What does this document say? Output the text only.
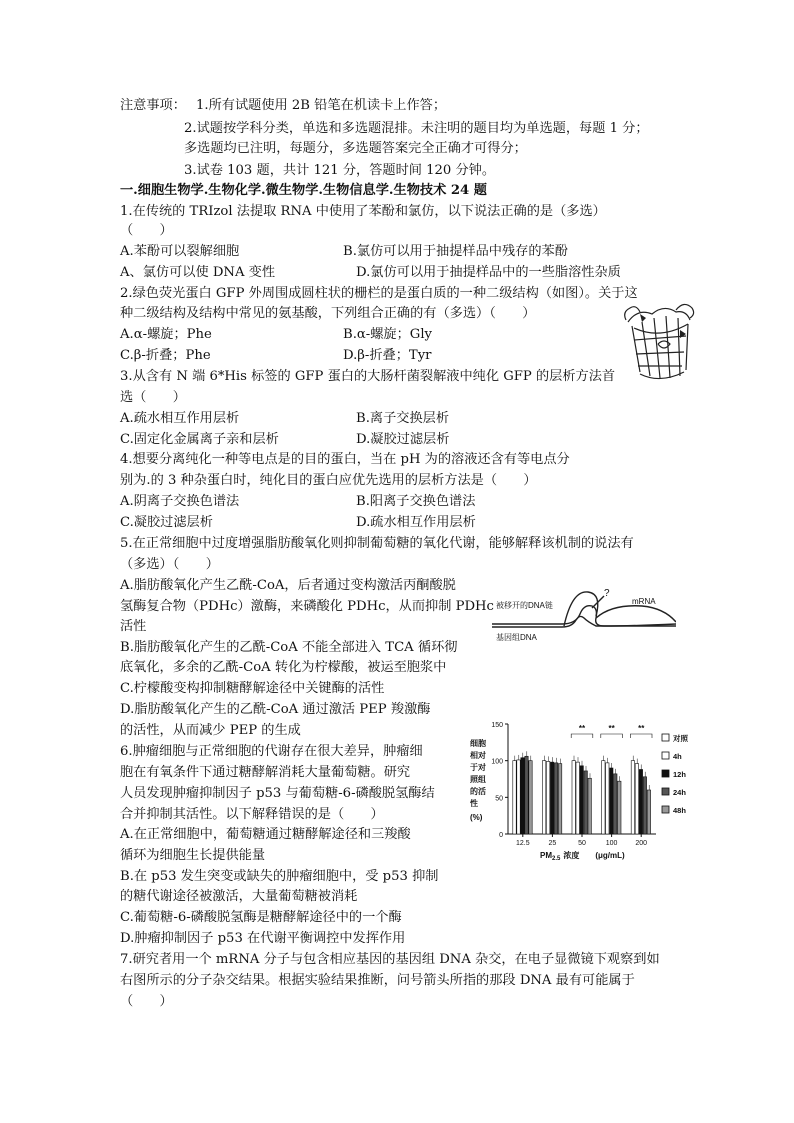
注意事项： 1.所有试题使用 2B 铅笔在机读卡上作答；
2.试题按学科分类，单选和多选题混排。未注明的题目均为单选题，每题 1 分；
多选题均已注明，每题分，多选题答案完全正确才可得分；
3.试卷 103 题，共计 121 分，答题时间 120 分钟。
一.细胞生物学.生物化学.微生物学.生物信息学.生物技术 24 题
1.在传统的 TRIzol 法提取 RNA 中使用了苯酚和氯仿，以下说法正确的是（多选）
（　　）
A.苯酚可以裂解细胞	B.氯仿可以用于抽提样品中残存的苯酚
A、氯仿可以使 DNA 变性	D.氯仿可以用于抽提样品中的一些脂溶性杂质
2.绿色荧光蛋白 GFP 外周围成圆柱状的栅栏的是蛋白质的一种二级结构（如图）。关于这
种二级结构及结构中常见的氨基酸，下列组合正确的有（多选）（　　）
A.α-螺旋；Phe	B.α-螺旋；Gly
C.β-折叠；Phe	D.β-折叠；Tyr
3.从含有 N 端 6*His 标签的 GFP 蛋白的大肠杆菌裂解液中纯化 GFP 的层析方法首
选（　　）
A.疏水相互作用层析	B.离子交换层析
C.固定化金属离子亲和层析	D.凝胶过滤层析
4.想要分离纯化一种等电点是的目的蛋白，当在 pH 为的溶液还含有等电点分
别为.的 3 种杂蛋白时，纯化目的蛋白应优先选用的层析方法是（　　）
A.阴离子交换色谱法	B.阳离子交换色谱法
C.凝胶过滤层析	D.疏水相互作用层析
5.在正常细胞中过度增强脂肪酸氧化则抑制葡萄糖的氧化代谢，能够解释该机制的说法有
（多选）（　　）
A.脂肪酸氧化产生乙酰-CoA，后者通过变构激活丙酮酸脱
氢酶复合物（PDHc）激酶，来磷酸化 PDHc，从而抑制 PDHc
活性
B.脂肪酸氧化产生的乙酰-CoA 不能全部进入 TCA 循环彻
底氧化，多余的乙酰-CoA 转化为柠檬酸，被运至胞浆中
C.柠檬酸变构抑制糖酵解途径中关键酶的活性
D.脂肪酸氧化产生的乙酰-CoA 通过激活 PEP 羧激酶
的活性，从而减少 PEP 的生成
被移开的DNA链
?
mRNA
基因组DNA
6.肿瘤细胞与正常细胞的代谢存在很大差异，肿瘤细
胞在有氧条件下通过糖酵解消耗大量葡萄糖。研究
人员发现肿瘤抑制因子 p53 与葡萄糖-6-磷酸脱氢酶结
合并抑制其活性。以下解释错误的是（　　）
A.在正常细胞中，葡萄糖通过糖酵解途径和三羧酸
循环为细胞生长提供能量
B.在 p53 发生突变或缺失的肿瘤细胞中，受 p53 抑制
的糖代谢途径被激活，大量葡萄糖被消耗
C.葡萄糖-6-磷酸脱氢酶是糖酵解途径中的一个酶
D.肿瘤抑制因子 p53 在代谢平衡调控中发挥作用
细胞
相对
于对
照组
的活
性
(%)
0
50
100
150
12.5	25	50	100	200
**	**	**
对照
4h
12h
24h
48h
$PM_{2.5}$ 浓度 (μg/mL)
7.研究者用一个 mRNA 分子与包含相应基因的基因组 DNA 杂交，在电子显微镜下观察到如
右图所示的分子杂交结果。根据实验结果推断，问号箭头所指的那段 DNA 最有可能属于
（　　）
